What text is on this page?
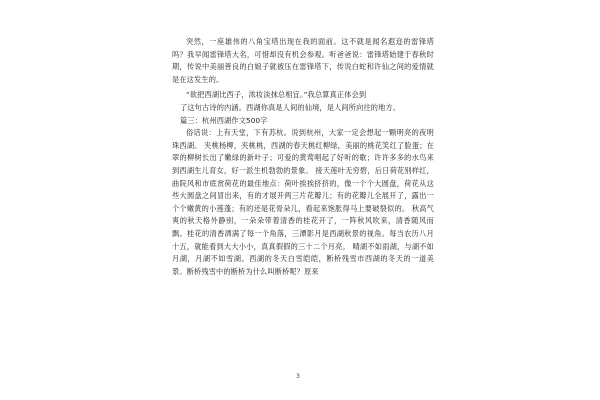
突然，一座雄伟的八角宝塔出现在我的面前。这不就是闻名遐迩的雷锋塔吗？我早闻雷锋塔大名，可惜却没有机会参观。听爸爸说：雷锋塔始建于春秋时期，传说中美丽善良的白娘子就被压在雷锋塔下，传说白蛇和许仙之间的爱情就是在这发生的。

“欲把西湖比西子，浓妆淡抹总相宜。”我总算真正体会到

了这句古诗的内涵。西湖你真是人间的仙境，是人间所向往的地方。

篇三：杭州西湖作文500字

俗话说：上有天堂，下有苏杭。说到杭州，大家一定会想起一颗明亮的夜明珠西湖。 夹桃杨柳，夹桃桃，西湖的春天桃红柳绿，美丽的桃花笑红了脸蛋；在翠的柳树长出了嫩绿的新叶子；可爱的黄莺唱起了好听的歌；许许多多的水鸟来到西湖生儿育女，好一派生机勃勃的景象。 接天莲叶无穷碧，后日荷花别样红，曲院风和市底赏荷花的最佳地点：荷叶挨挨挤挤的，像一个个大圆盘，荷花从这些大圆盘之间冒出来，有的才展开两三片花瓣儿；有的花瓣儿全展开了，露出一个个嫩黄的小莲蓬；有的还是花骨朵儿，看起来饱胀得马上要破裂似的。 秋高气爽的秋天格外静别，一朵朵带着清香的桂花开了，一阵秋风吹来，清香随风而飘。桂花的清香洒满了每一个角落，三潭影月是西湖秋景的视角。每当农历八月十五，就能看到大大小小，真真假假的三十二个月亮。 晴湖不如雨湖，与湖不如月湖，月湖不如雪湖。西湖的冬天白雪皑皑，断桥残雪市西湖的冬天的一道美景。断桥残雪中的断桥为什么叫断桥呢？原来

3
